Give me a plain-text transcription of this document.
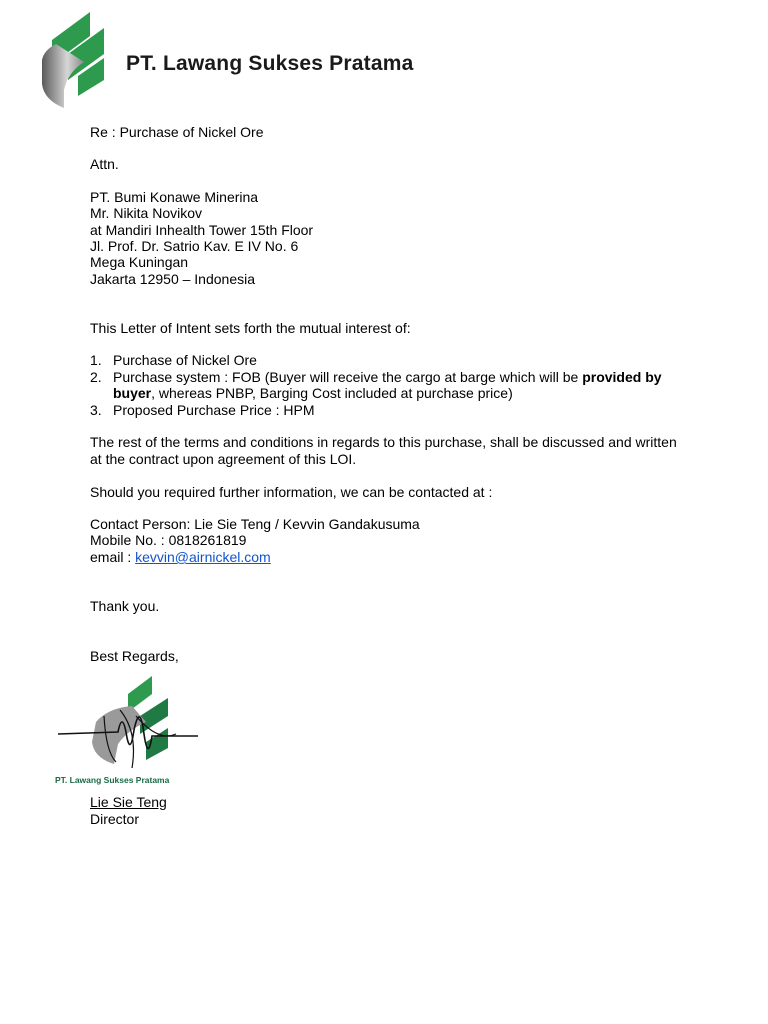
PT. Lawang Sukses Pratama
Re : Purchase of Nickel Ore
Attn.
PT. Bumi Konawe Minerina
Mr. Nikita Novikov
at Mandiri Inhealth Tower 15th Floor
Jl. Prof. Dr. Satrio Kav. E IV No. 6
Mega Kuningan
Jakarta 12950 – Indonesia
This Letter of Intent sets forth the mutual interest of:
1. Purchase of Nickel Ore
2. Purchase system : FOB (Buyer will receive the cargo at barge which will be provided by buyer, whereas PNBP, Barging Cost included at purchase price)
3. Proposed Purchase Price : HPM
The rest of the terms and conditions in regards to this purchase, shall be discussed and written at the contract upon agreement of this LOI.
Should you required further information, we can be contacted at :
Contact Person: Lie Sie Teng / Kevvin Gandakusuma
Mobile No. : 0818261819
email : kevvin@airnickel.com
Thank you.
Best Regards,
PT. Lawang Sukses Pratama
Lie Sie Teng
Director
